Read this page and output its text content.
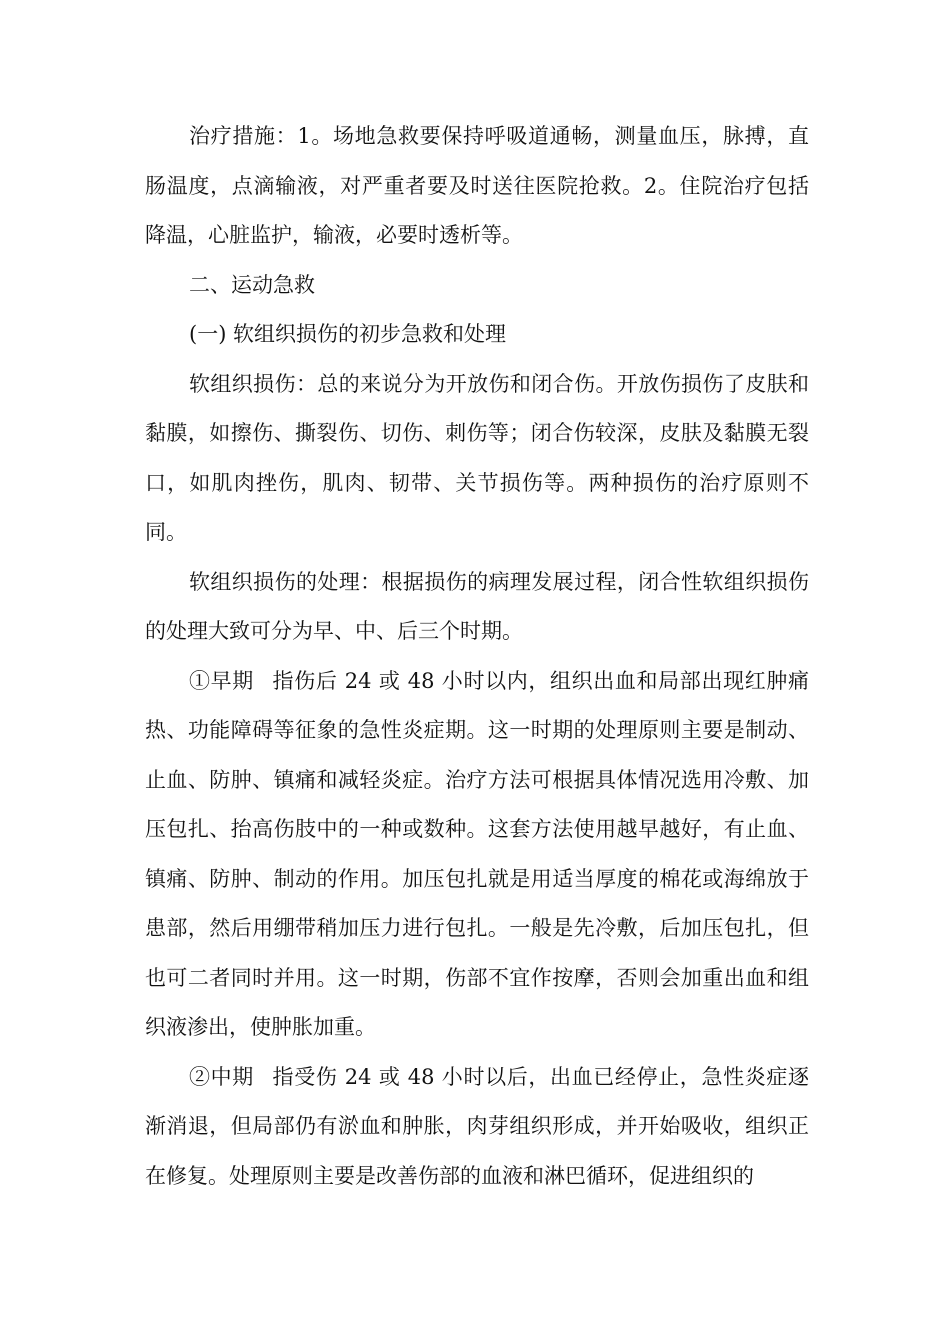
治疗措施：1。场地急救要保持呼吸道通畅，测量血压，脉搏，直肠温度，点滴输液，对严重者要及时送往医院抢救。2。住院治疗包括降温，心脏监护，输液，必要时透析等。

二、运动急救

(一) 软组织损伤的初步急救和处理

软组织损伤：总的来说分为开放伤和闭合伤。开放伤损伤了皮肤和黏膜，如擦伤、撕裂伤、切伤、刺伤等；闭合伤较深，皮肤及黏膜无裂口，如肌肉挫伤，肌肉、韧带、关节损伤等。两种损伤的治疗原则不同。

软组织损伤的处理：根据损伤的病理发展过程，闭合性软组织损伤的处理大致可分为早、中、后三个时期。

①早期 指伤后 24 或 48 小时以内，组织出血和局部出现红肿痛热、功能障碍等征象的急性炎症期。这一时期的处理原则主要是制动、止血、防肿、镇痛和减轻炎症。治疗方法可根据具体情况选用冷敷、加压包扎、抬高伤肢中的一种或数种。这套方法使用越早越好，有止血、镇痛、防肿、制动的作用。加压包扎就是用适当厚度的棉花或海绵放于患部，然后用绷带稍加压力进行包扎。一般是先冷敷，后加压包扎，但也可二者同时并用。这一时期，伤部不宜作按摩，否则会加重出血和组织液渗出，使肿胀加重。

②中期 指受伤 24 或 48 小时以后，出血已经停止，急性炎症逐渐消退，但局部仍有淤血和肿胀，肉芽组织形成，并开始吸收，组织正在修复。处理原则主要是改善伤部的血液和淋巴循环，促进组织的
